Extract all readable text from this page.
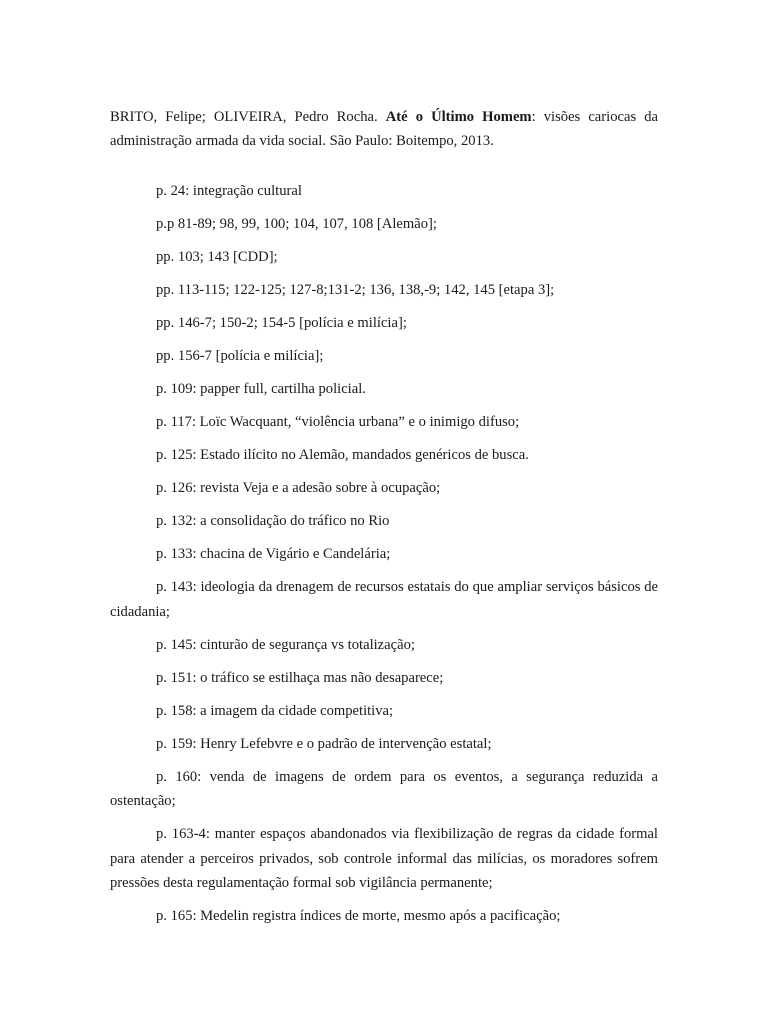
BRITO, Felipe; OLIVEIRA, Pedro Rocha. Até o Último Homem: visões cariocas da administração armada da vida social. São Paulo: Boitempo, 2013.

p. 24: integração cultural

p.p 81-89; 98, 99, 100; 104, 107, 108 [Alemão];

pp. 103; 143 [CDD];

pp. 113-115; 122-125; 127-8;131-2; 136, 138,-9; 142, 145 [etapa 3];

pp. 146-7; 150-2; 154-5 [polícia e milícia];

pp. 156-7 [polícia e milícia];

p. 109: papper full, cartilha policial.

p. 117: Loïc Wacquant, “violência urbana” e o inimigo difuso;

p. 125: Estado ilícito no Alemão, mandados genéricos de busca.

p. 126: revista Veja e a adesão sobre à ocupação;

p. 132: a consolidação do tráfico no Rio

p. 133: chacina de Vigário e Candelária;

p. 143: ideologia da drenagem de recursos estatais do que ampliar serviços básicos de cidadania;

p. 145: cinturão de segurança vs totalização;

p. 151: o tráfico se estilhaça mas não desaparece;

p. 158: a imagem da cidade competitiva;

p. 159: Henry Lefebvre e o padrão de intervenção estatal;

p. 160: venda de imagens de ordem para os eventos, a segurança reduzida a ostentação;

p. 163-4: manter espaços abandonados via flexibilização de regras da cidade formal para atender a perceiros privados, sob controle informal das milícias, os moradores sofrem pressões desta regulamentação formal sob vigilância permanente;

p. 165: Medelin registra índices de morte, mesmo após a pacificação;
